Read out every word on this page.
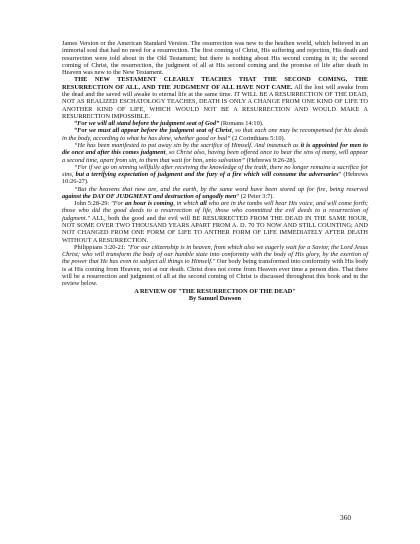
James Version or the American Standard Version. The resurrection was new to the heathen world, which believed in an immortal soul that had no need for a resurrection. The first coming of Christ, His suffering and rejection, His death and resurrection were told about in the Old Testament; but there is nothing about His second coming in it; the second coming of Christ, the resurrection, the judgment of all at His second coming and the promise of life after death in Heaven was new to the New Testament.

THE NEW TESTAMENT CLEARLY TEACHES THAT THE SECOND COMING, THE RESURRECTION OF ALL, AND THE JUDGMENT OF ALL HAVE NOT CAME. All the lost will awake from the dead and the saved will awake to eternal life at the same time. IT WILL BE A RESURRECTION OF THE DEAD, NOT AS REALIZED ESCHATOLOGY TEACHES, DEATH IS ONLY A CHANGE FROM ONE KIND OF LIFE TO ANOTHER KIND OF LIFE, WHICH WOULD NOT BE A RESURRECTION AND WOULD MAKE A RESURRECTION IMPOSSIBLE.

“For we will all stand before the judgment seat of God” (Romans 14:10).

“For we must all appear before the judgment seat of Christ, so that each one may be recompensed for his deeds in the body, according to what he has done, whether good or bad” (2 Corinthians 5:10).

“He has been manifested to put away sin by the sacrifice of Himself. And inasmuch as it is appointed for men to die once and after this comes judgment, so Christ also, having been offered once to bear the sins of many, will appear a second time, apart from sin, to them that wait for him, unto salvation” (Hebrews 9:26-28).

“For if we go on sinning willfully after receiving the knowledge of the truth, there no longer remains a sacrifice for sins, but a terrifying expectation of judgment and the fury of a fire which will consume the adversaries” (Hebrews 10:26-27).

“But the heavens that now are, and the earth, by the same word have been stored up for fire, being reserved against the DAY OF JUDGMENT and destruction of ungodly men” (2 Peter 3:7).

John 5:28-29: "For an hour is coming, in which all who are in the tombs will hear His voice, and will come forth; those who did the good deeds to a resurrection of life, those who committed the evil deeds to a resurrection of judgment." ALL, both the good and the evil will BE RESURRECTED FROM THE DEAD IN THE SAME HOUR, NOT SOME OVER TWO THOUSAND YEARS APART FROM A. D. 70 TO NOW AND STILL COUNTING; AND NOT CHANGED FROM ONE FORM OF LIFE TO ANTHER FORM OF LIFE IMMEDIATELY AFTER DEATH WITHOUT A RESURRECTION.

Philippians 3:20-21: "For our citizenship is in heaven, from which also we eagerly wait for a Savior, the Lord Jesus Christ; who will transform the body of our humble state into conformity with the body of His glory, by the exertion of the power that He has even to subject all things to Himself." Our body being transformed into conformity with His body is at His coming from Heaven, not at our death. Christ does not come from Heaven ever time a person dies. That there will be a resurrection and judgment of all at the second coming of Christ is discussed throughout this book and in the review below.

A REVIEW OF "THE RESURRECTION OF THE DEAD"

By Samuel Dawson

360
